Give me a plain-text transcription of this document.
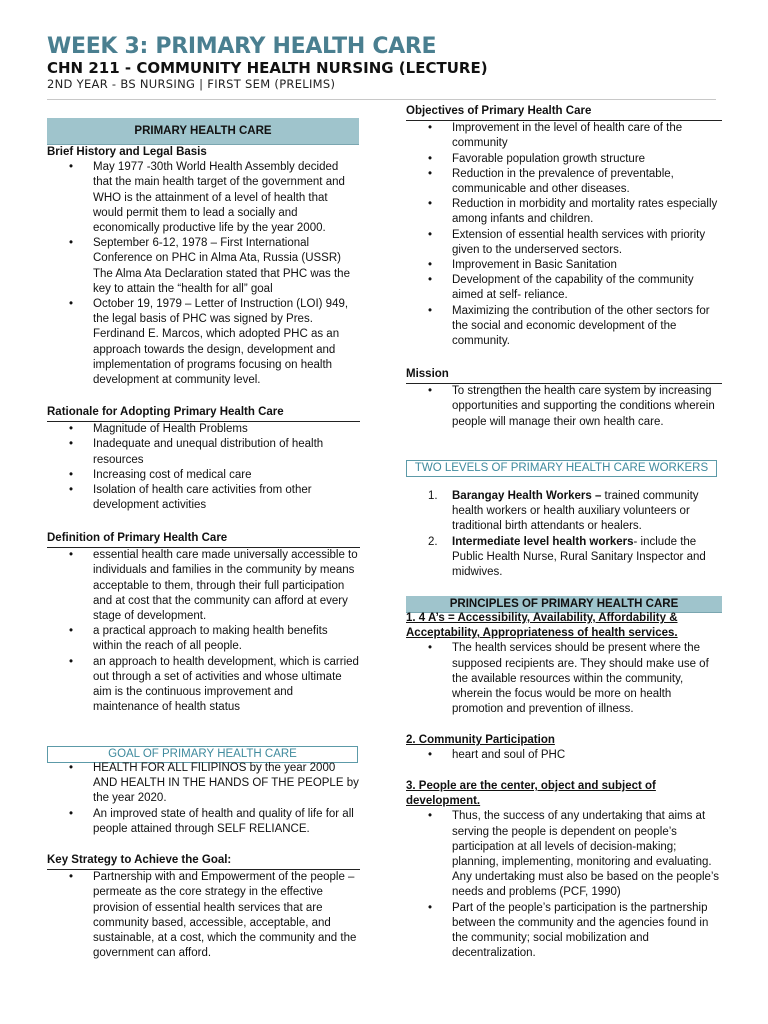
WEEK 3: PRIMARY HEALTH CARE
CHN 211 - COMMUNITY HEALTH NURSING (LECTURE)
2ND YEAR - BS NURSING | FIRST SEM (PRELIMS)
PRIMARY HEALTH CARE
Brief History and Legal Basis
• May 1977 -30th World Health Assembly decided that the main health target of the government and WHO is the attainment of a level of health that would permit them to lead a socially and economically productive life by the year 2000.
• September 6-12, 1978 – First International Conference on PHC in Alma Ata, Russia (USSR) The Alma Ata Declaration stated that PHC was the key to attain the “health for all” goal
• October 19, 1979 – Letter of Instruction (LOI) 949, the legal basis of PHC was signed by Pres. Ferdinand E. Marcos, which adopted PHC as an approach towards the design, development and implementation of programs focusing on health development at community level.
Rationale for Adopting Primary Health Care
• Magnitude of Health Problems
• Inadequate and unequal distribution of health resources
• Increasing cost of medical care
• Isolation of health care activities from other development activities
Definition of Primary Health Care
• essential health care made universally accessible to individuals and families in the community by means acceptable to them, through their full participation and at cost that the community can afford at every stage of development.
• a practical approach to making health benefits within the reach of all people.
• an approach to health development, which is carried out through a set of activities and whose ultimate aim is the continuous improvement and maintenance of health status
GOAL OF PRIMARY HEALTH CARE
• HEALTH FOR ALL FILIPINOS by the year 2000 AND HEALTH IN THE HANDS OF THE PEOPLE by the year 2020.
• An improved state of health and quality of life for all people attained through SELF RELIANCE.
Key Strategy to Achieve the Goal:
• Partnership with and Empowerment of the people – permeate as the core strategy in the effective provision of essential health services that are community based, accessible, acceptable, and sustainable, at a cost, which the community and the government can afford.
Objectives of Primary Health Care
• Improvement in the level of health care of the community
• Favorable population growth structure
• Reduction in the prevalence of preventable, communicable and other diseases.
• Reduction in morbidity and mortality rates especially among infants and children.
• Extension of essential health services with priority given to the underserved sectors.
• Improvement in Basic Sanitation
• Development of the capability of the community aimed at self- reliance.
• Maximizing the contribution of the other sectors for the social and economic development of the community.
Mission
• To strengthen the health care system by increasing opportunities and supporting the conditions wherein people will manage their own health care.
TWO LEVELS OF PRIMARY HEALTH CARE WORKERS
1. Barangay Health Workers – trained community health workers or health auxiliary volunteers or traditional birth attendants or healers.
2. Intermediate level health workers- include the Public Health Nurse, Rural Sanitary Inspector and midwives.
PRINCIPLES OF PRIMARY HEALTH CARE
1. 4 A’s = Accessibility, Availability, Affordability & Acceptability, Appropriateness of health services.
• The health services should be present where the supposed recipients are. They should make use of the available resources within the community, wherein the focus would be more on health promotion and prevention of illness.
2. Community Participation
• heart and soul of PHC
3. People are the center, object and subject of development.
• Thus, the success of any undertaking that aims at serving the people is dependent on people’s participation at all levels of decision-making; planning, implementing, monitoring and evaluating. Any undertaking must also be based on the people’s needs and problems (PCF, 1990)
• Part of the people’s participation is the partnership between the community and the agencies found in the community; social mobilization and decentralization.
